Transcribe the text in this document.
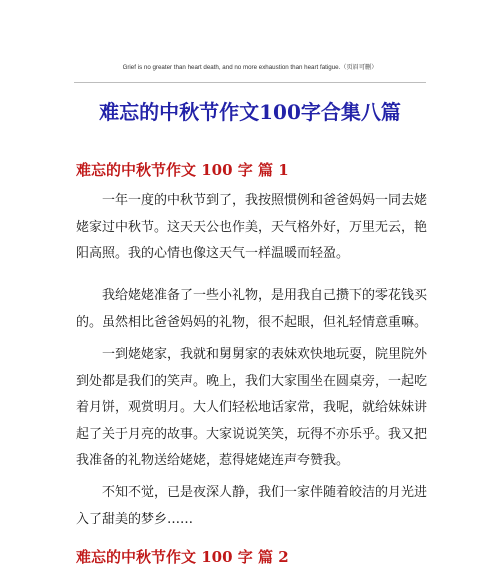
Grief is no greater than heart death, and no more exhaustion than heart fatigue.（页眉可删）
难忘的中秋节作文100字合集八篇
难忘的中秋节作文 100 字 篇 1
一年一度的中秋节到了，我按照惯例和爸爸妈妈一同去姥
姥家过中秋节。这天天公也作美，天气格外好，万里无云，艳
阳高照。我的心情也像这天气一样温暖而轻盈。
我给姥姥准备了一些小礼物，是用我自己攒下的零花钱买
的。虽然相比爸爸妈妈的礼物，很不起眼，但礼轻情意重嘛。
一到姥姥家，我就和舅舅家的表妹欢快地玩耍，院里院外
到处都是我们的笑声。晚上，我们大家围坐在圆桌旁，一起吃
着月饼，观赏明月。大人们轻松地话家常，我呢，就给妹妹讲
起了关于月亮的故事。大家说说笑笑，玩得不亦乐乎。我又把
我准备的礼物送给姥姥，惹得姥姥连声夸赞我。
不知不觉，已是夜深人静，我们一家伴随着皎洁的月光进
入了甜美的梦乡……
难忘的中秋节作文 100 字 篇 2
